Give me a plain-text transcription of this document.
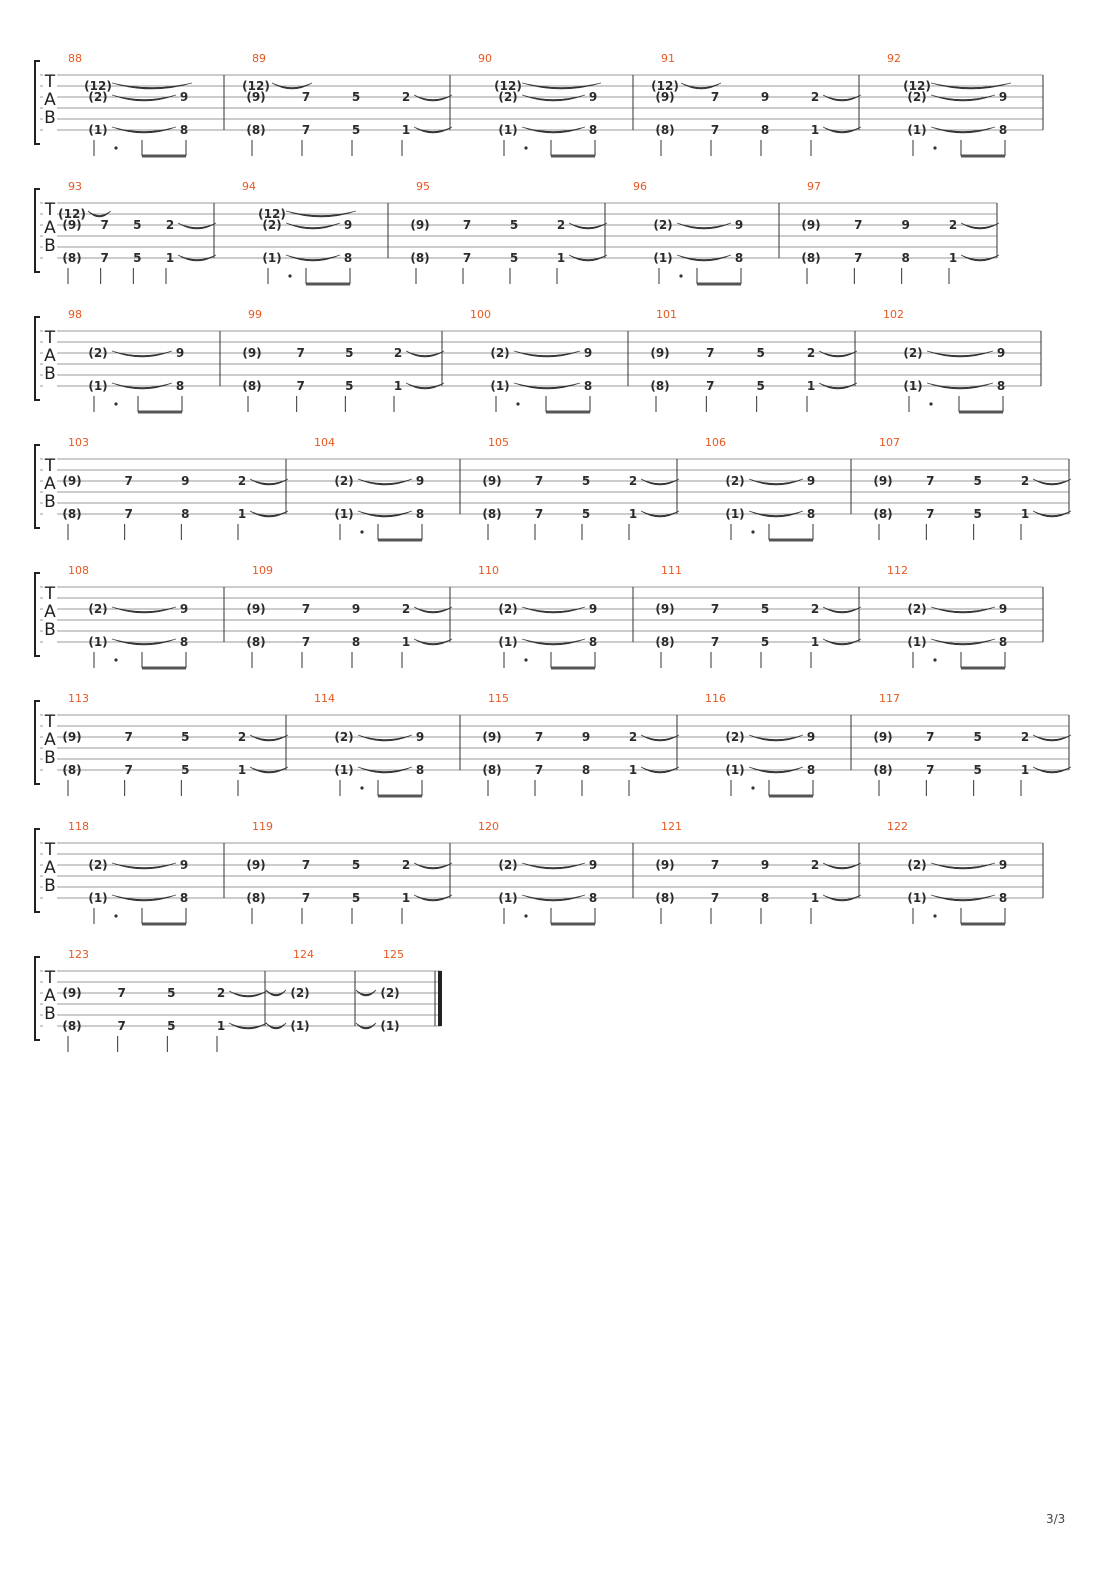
T
A
B
88
(12)
(2)	9
(1)	8
89
(12)
(9)	7	5	2
(8)	7	5	1
90
(12)
(2)	9
(1)	8
91
(12)
(9)	7	9	2
(8)	7	8	1
92
(12)
(2)	9
(1)	8
T
A
B
93
(12)
(9) 7 5 2
(8) 7 5 1
94
(12)
(2)	9
(1)	8
95
(9)	7	5	2
(8)	7	5	1
96
(2)	9
(1)	8
97
(9)	7	9	2
(8)	7	8	1
T
A
B
98
(2)	9
(1)	8
99
(9)	7	5	2
(8)	7	5	1
100
(2)	9
(1)	8
101
(9)	7	5	2
(8)	7	5	1
102
(2)	9
(1)	8
T
A
B
103
(9)	7	9	2
(8)	7	8	1
104
(2)	9
(1)	8
105
(9)	7	5	2
(8)	7	5	1
106
(2)	9
(1)	8
107
(9)	7	5	2
(8)	7	5	1
T
A
B
108
(2)	9
(1)	8
109
(9)	7	9	2
(8)	7	8	1
110
(2)	9
(1)	8
111
(9)	7	5	2
(8)	7	5	1
112
(2)	9
(1)	8
T
A
B
113
(9)	7	5	2
(8)	7	5	1
114
(2)	9
(1)	8
115
(9)	7	9	2
(8)	7	8	1
116
(2)	9
(1)	8
117
(9)	7	5	2
(8)	7	5	1
T
A
B
118
(2)	9
(1)	8
119
(9)	7	5	2
(8)	7	5	1
120
(2)	9
(1)	8
121
(9)	7	9	2
(8)	7	8	1
122
(2)	9
(1)	8
T
A
B
123
(9)	7	5	2
(8)	7	5	1
124
(2)
(1)
125
(2)
(1)
3/3
